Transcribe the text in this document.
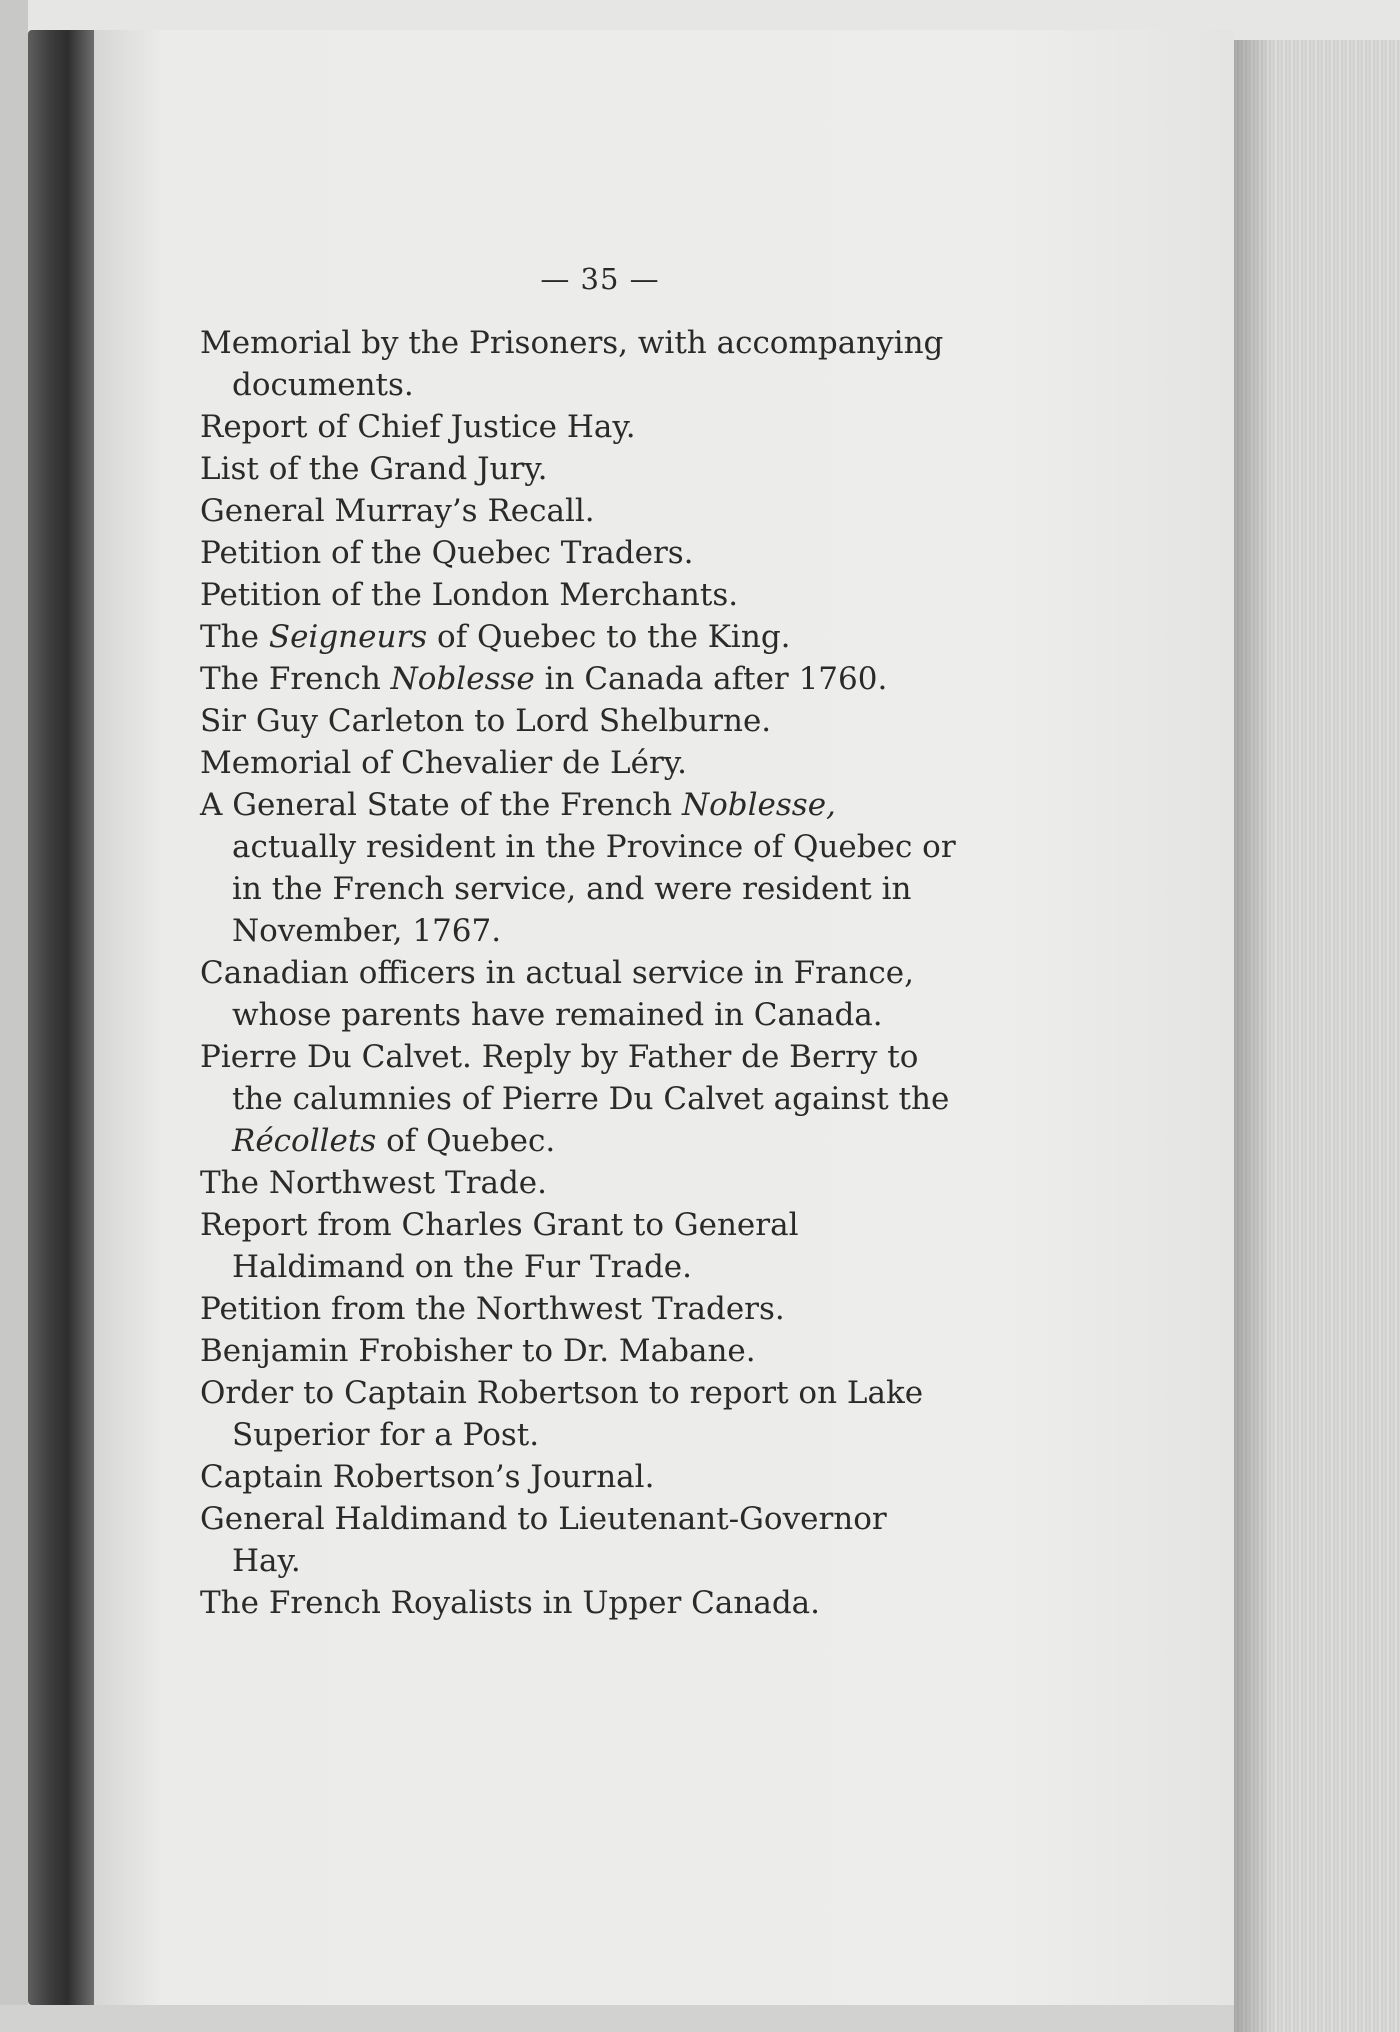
— 35 —

Memorial by the Prisoners, with accompanying documents.

Report of Chief Justice Hay.

List of the Grand Jury.

General Murray’s Recall.

Petition of the Quebec Traders.

Petition of the London Merchants.

The Seigneurs of Quebec to the King.

The French Noblesse in Canada after 1760.

Sir Guy Carleton to Lord Shelburne.

Memorial of Chevalier de Léry.

A General State of the French Noblesse, actually resident in the Province of Quebec or in the French service, and were resident in November, 1767.

Canadian officers in actual service in France, whose parents have remained in Canada.

Pierre Du Calvet. Reply by Father de Berry to the calumnies of Pierre Du Calvet against the Récollets of Quebec.

The Northwest Trade.

Report from Charles Grant to General Haldimand on the Fur Trade.

Petition from the Northwest Traders.

Benjamin Frobisher to Dr. Mabane.

Order to Captain Robertson to report on Lake Superior for a Post.

Captain Robertson’s Journal.

General Haldimand to Lieutenant-Governor Hay.

The French Royalists in Upper Canada.
